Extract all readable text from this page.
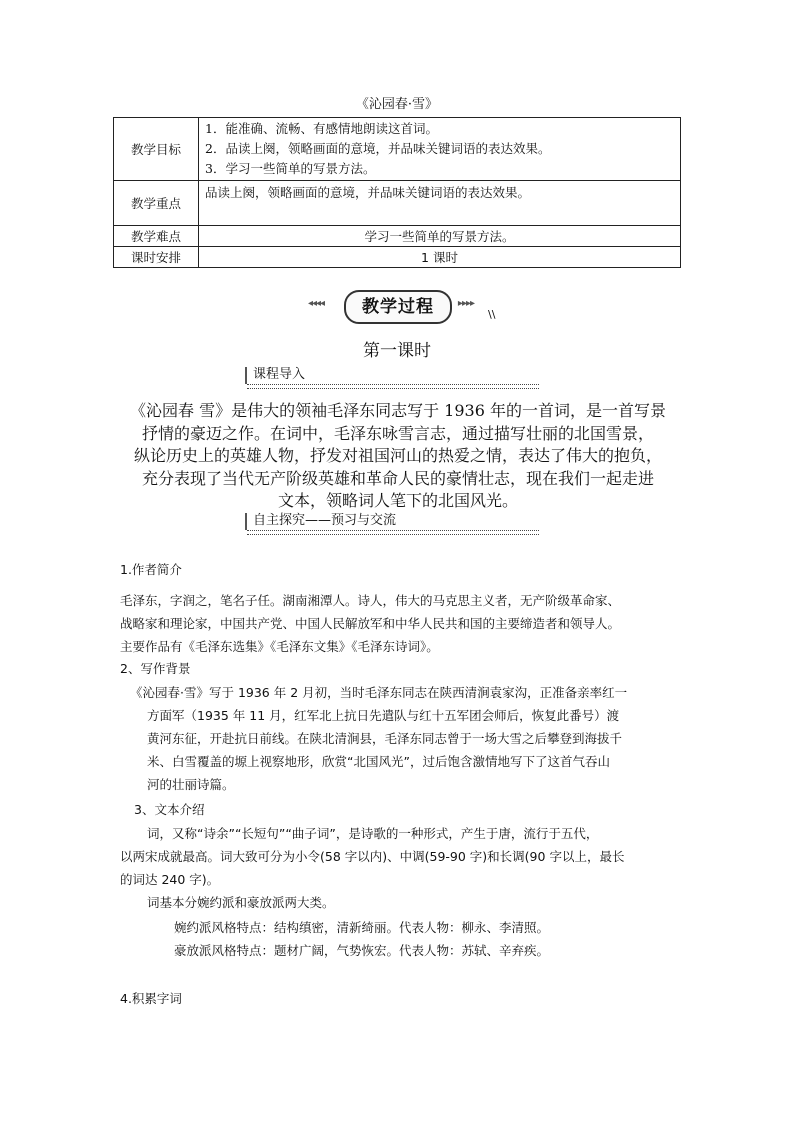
《沁园春·雪》
教学目标	1．能准确、流畅、有感情地朗读这首词。
2．品读上阕，领略画面的意境，并品味关键词语的表达效果。
3．学习一些简单的写景方法。

教学重点	品读上阕，领略画面的意境，并品味关键词语的表达效果。
教学难点	学习一些简单的写景方法。
课时安排	1 课时
◂◂◂◂	教学过程	▸▸▸▸
\\
第一课时
课程导入
《沁园春 雪》是伟大的领袖毛泽东同志写于 1936 年的一首词，是一首写景
抒情的豪迈之作。在词中，毛泽东咏雪言志，通过描写壮丽的北国雪景，
纵论历史上的英雄人物，抒发对祖国河山的热爱之情，表达了伟大的抱负，
充分表现了当代无产阶级英雄和革命人民的豪情壮志，现在我们一起走进
文本，领略词人笔下的北国风光。
自主探究——预习与交流
1.作者简介
毛泽东，字润之，笔名子任。湖南湘潭人。诗人，伟大的马克思主义者，无产阶级革命家、
战略家和理论家，中国共产党、中国人民解放军和中华人民共和国的主要缔造者和领导人。
主要作品有《毛泽东选集》《毛泽东文集》《毛泽东诗词》。
2、写作背景
《沁园春·雪》写于 1936 年 2 月初，当时毛泽东同志在陕西清涧袁家沟，正准备亲率红一
方面军（1935 年 11 月，红军北上抗日先遣队与红十五军团会师后，恢复此番号）渡
黄河东征，开赴抗日前线。在陕北清涧县，毛泽东同志曾于一场大雪之后攀登到海拔千
米、白雪覆盖的塬上视察地形，欣赏“北国风光”，过后饱含激情地写下了这首气吞山
河的壮丽诗篇。
3、文本介绍
词，又称“诗余”“长短句”“曲子词”，是诗歌的一种形式，产生于唐，流行于五代，
以两宋成就最高。词大致可分为小令(58 字以内)、中调(59-90 字)和长调(90 字以上，最长
的词达 240 字)。
词基本分婉约派和豪放派两大类。
婉约派风格特点：结构缜密，清新绮丽。代表人物：柳永、李清照。
豪放派风格特点：题材广阔，气势恢宏。代表人物：苏轼、辛弃疾。
4.积累字词
